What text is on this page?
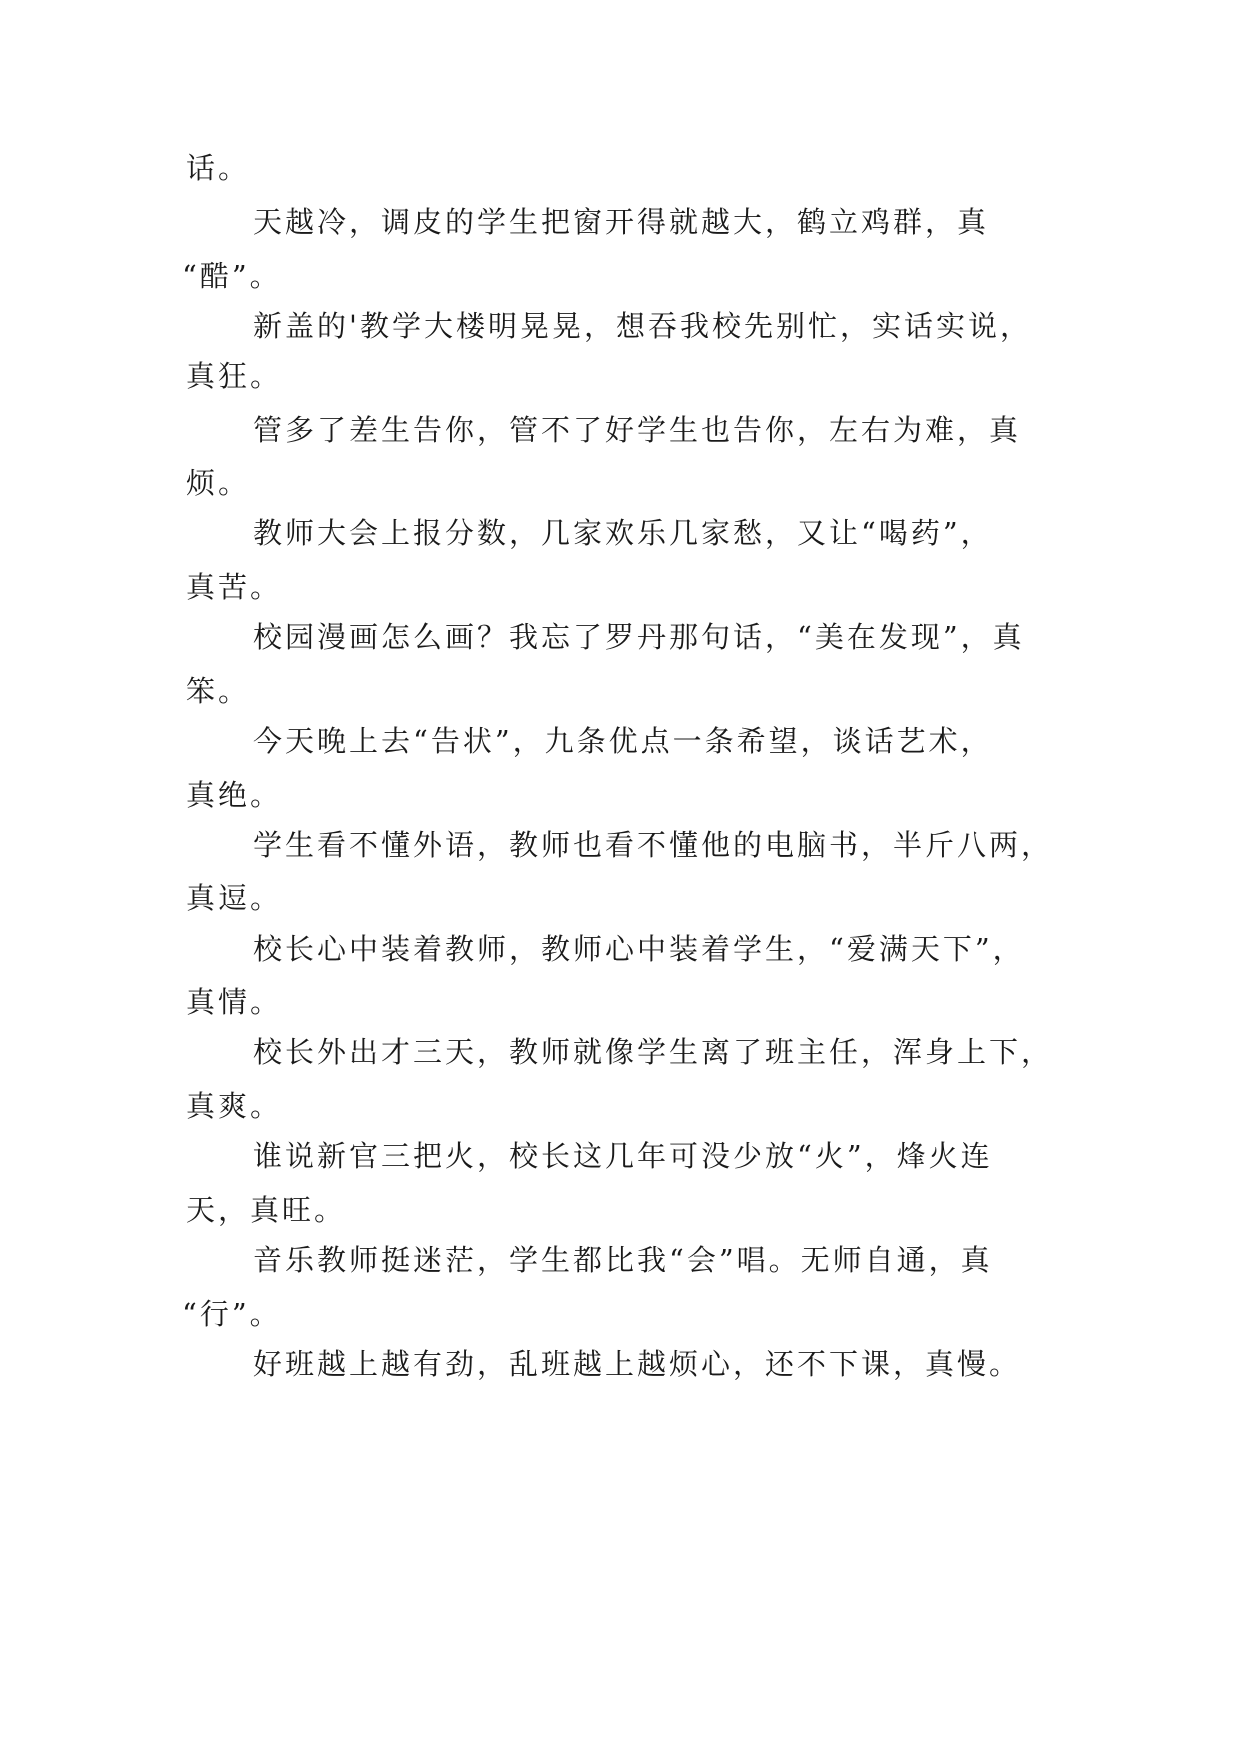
话。
天越冷，调皮的学生把窗开得就越大，鹤立鸡群，真
“酷”。
新盖的'教学大楼明晃晃，想吞我校先别忙，实话实说，
真狂。
管多了差生告你，管不了好学生也告你，左右为难，真
烦。
教师大会上报分数，几家欢乐几家愁，又让“喝药”，
真苦。
校园漫画怎么画？我忘了罗丹那句话，“美在发现”，真
笨。
今天晚上去“告状”，九条优点一条希望，谈话艺术，
真绝。
学生看不懂外语，教师也看不懂他的电脑书，半斤八两，
真逗。
校长心中装着教师，教师心中装着学生，“爱满天下”，
真情。
校长外出才三天，教师就像学生离了班主任，浑身上下，
真爽。
谁说新官三把火，校长这几年可没少放“火”，烽火连
天，真旺。
音乐教师挺迷茫，学生都比我“会”唱。无师自通，真
“行”。
好班越上越有劲，乱班越上越烦心，还不下课，真慢。
